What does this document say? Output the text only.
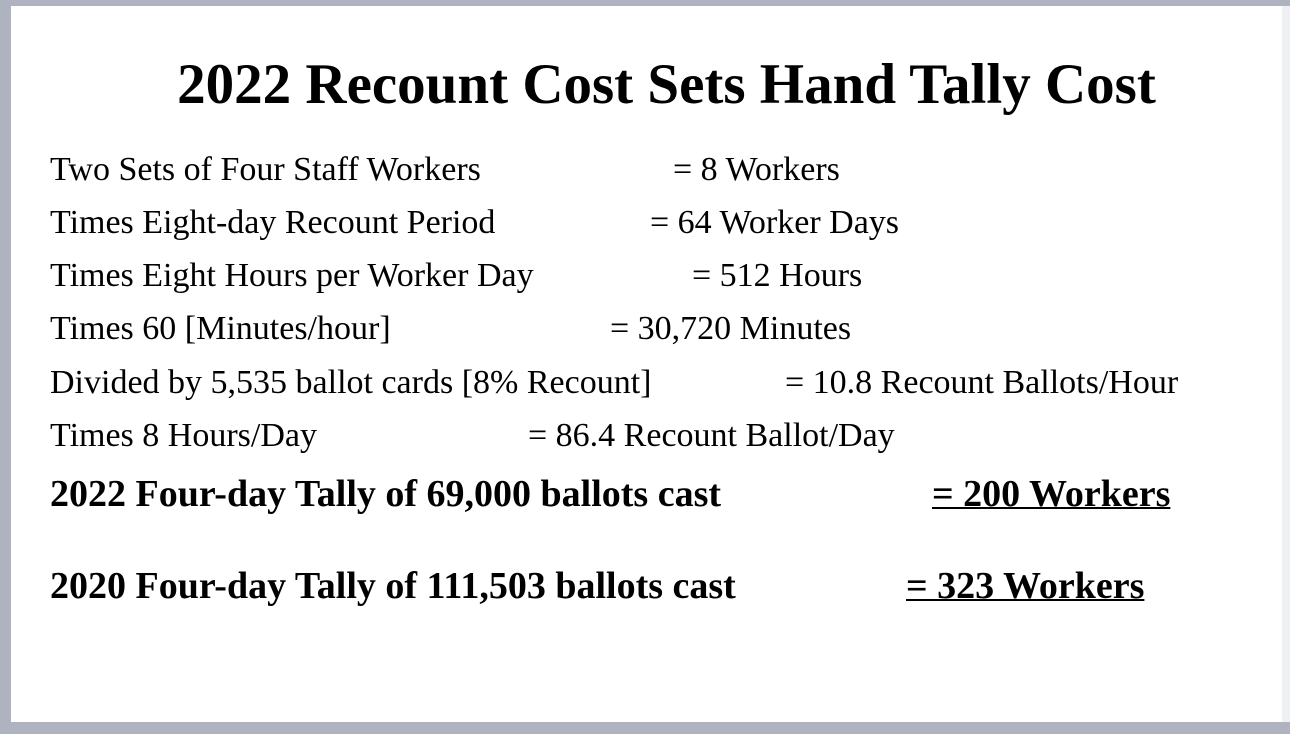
2022 Recount Cost Sets Hand Tally Cost
Two Sets of Four Staff Workers	= 8 Workers
Times Eight-day Recount Period	= 64 Worker Days
Times Eight Hours per Worker Day	= 512 Hours
Times 60 [Minutes/hour]	= 30,720 Minutes
Divided by 5,535 ballot cards [8% Recount]	= 10.8 Recount Ballots/Hour
Times 8 Hours/Day	= 86.4 Recount Ballot/Day
2022 Four-day Tally of 69,000 ballots cast	= 200 Workers
2020 Four-day Tally of 111,503 ballots cast	= 323 Workers
